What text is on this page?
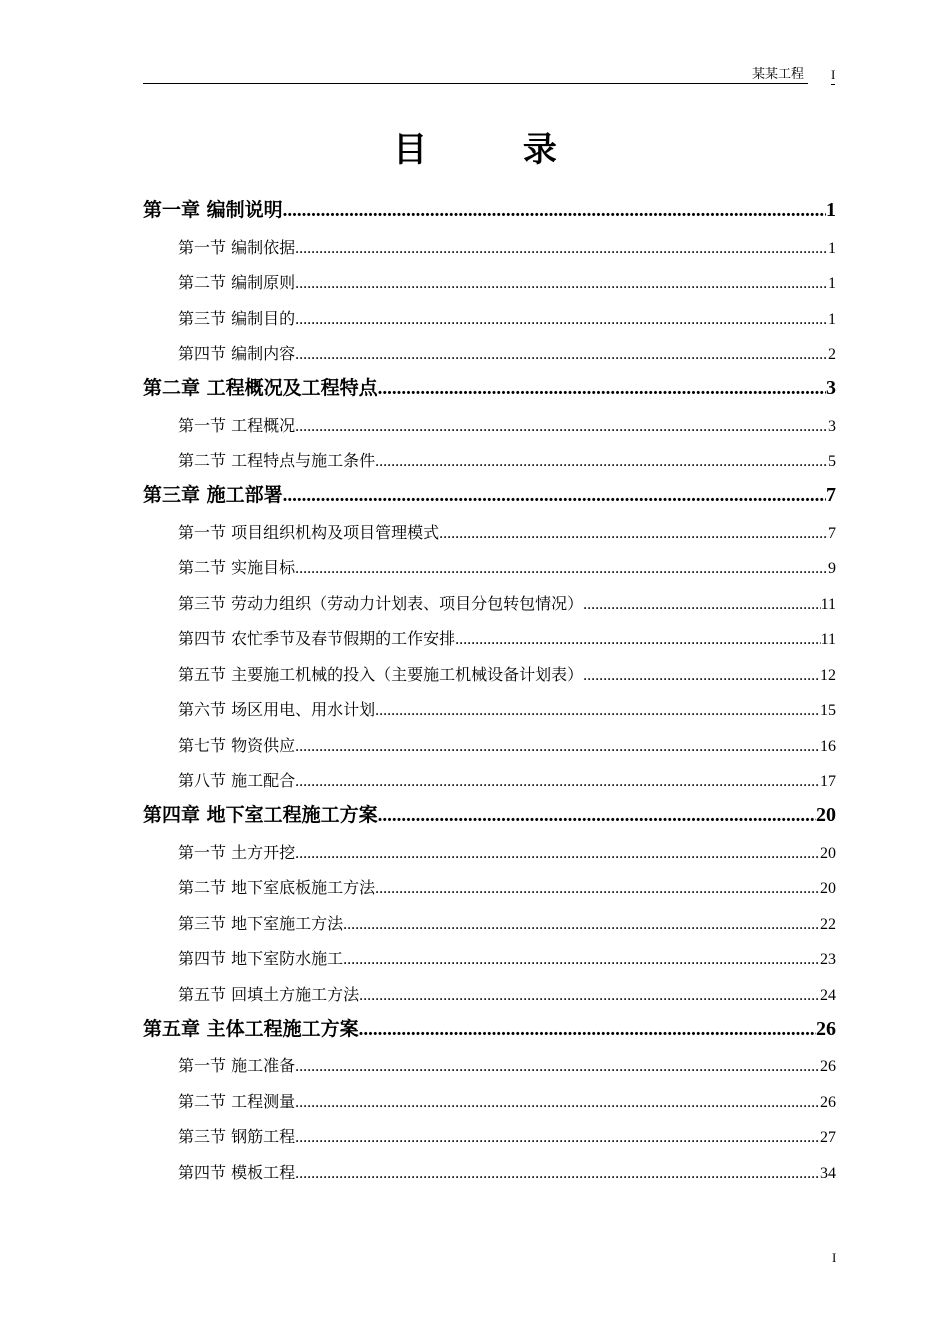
某某工程 I
目 录
第一章 编制说明 .....	1
第一节 编制依据 .....	1
第二节 编制原则 .....	1
第三节 编制目的 .....	1
第四节 编制内容 .....	2
第二章 工程概况及工程特点 .....	3
第一节 工程概况 .....	3
第二节 工程特点与施工条件 .....	5
第三章 施工部署 .....	7
第一节 项目组织机构及项目管理模式 .....	7
第二节 实施目标 .....	9
第三节 劳动力组织（劳动力计划表、项目分包转包情况） .....	11
第四节 农忙季节及春节假期的工作安排 .....	11
第五节 主要施工机械的投入（主要施工机械设备计划表） .....	12
第六节 场区用电、用水计划 .....	15
第七节 物资供应 .....	16
第八节 施工配合 .....	17
第四章 地下室工程施工方案 .....	20
第一节 土方开挖 .....	20
第二节 地下室底板施工方法 .....	20
第三节 地下室施工方法 .....	22
第四节 地下室防水施工 .....	23
第五节 回填土方施工方法 .....	24
第五章 主体工程施工方案 .....	26
第一节 施工准备 .....	26
第二节 工程测量 .....	26
第三节 钢筋工程 .....	27
第四节 模板工程 .....	34
I
